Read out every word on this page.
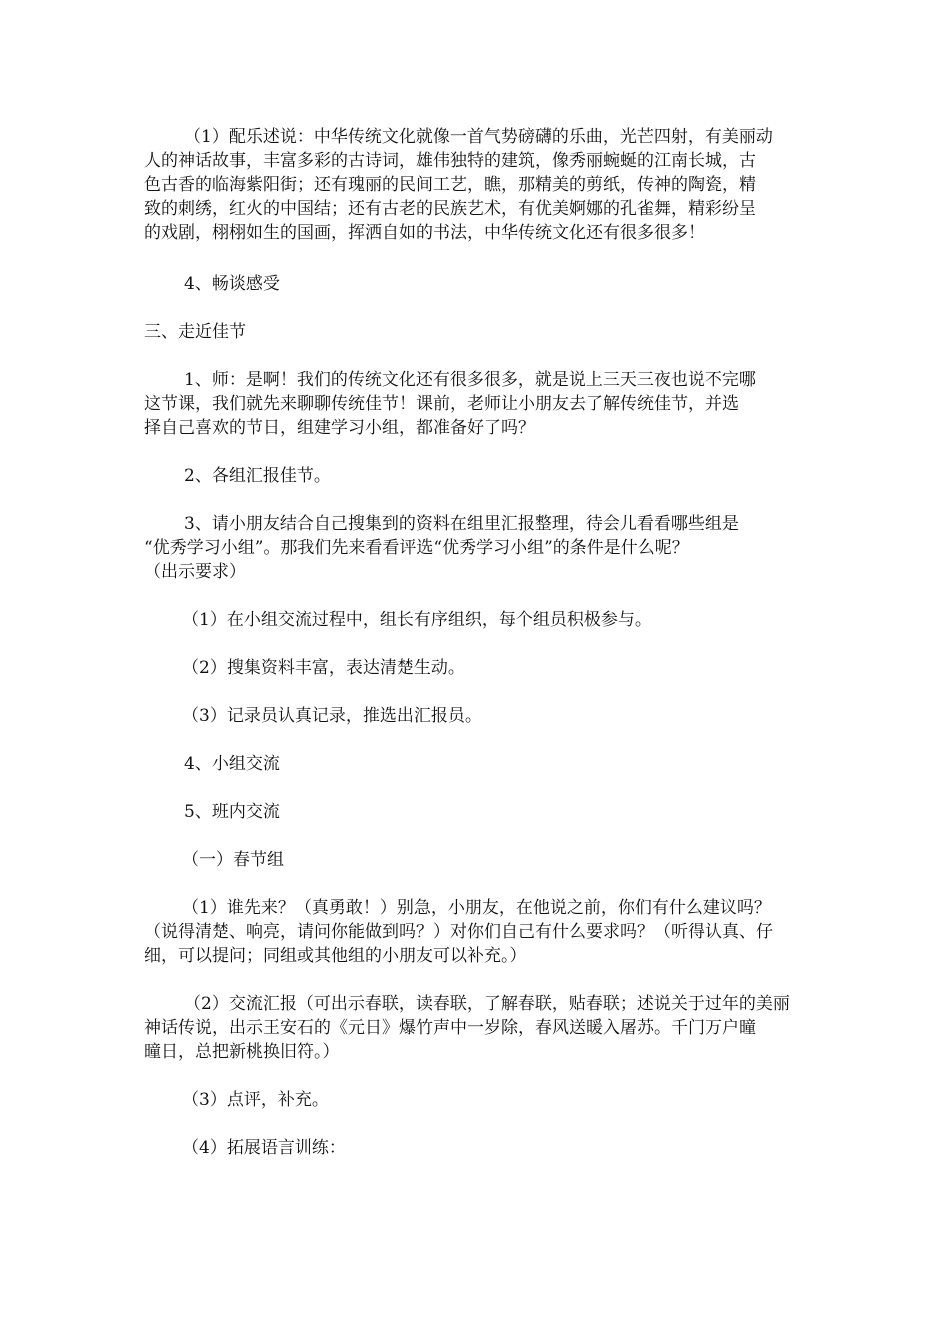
（1）配乐述说：中华传统文化就像一首气势磅礴的乐曲，光芒四射，有美丽动
人的神话故事，丰富多彩的古诗词，雄伟独特的建筑，像秀丽蜿蜒的江南长城，古
色古香的临海紫阳街；还有瑰丽的民间工艺，瞧，那精美的剪纸，传神的陶瓷，精
致的刺绣，红火的中国结；还有古老的民族艺术，有优美婀娜的孔雀舞，精彩纷呈
的戏剧，栩栩如生的国画，挥洒自如的书法，中华传统文化还有很多很多！
4、畅谈感受
三、走近佳节
1、师：是啊！我们的传统文化还有很多很多，就是说上三天三夜也说不完哪
这节课，我们就先来聊聊传统佳节！课前，老师让小朋友去了解传统佳节，并选
择自己喜欢的节日，组建学习小组，都准备好了吗？
2、各组汇报佳节。
3、请小朋友结合自己搜集到的资料在组里汇报整理，待会儿看看哪些组是
“优秀学习小组”。那我们先来看看评选“优秀学习小组”的条件是什么呢？
（出示要求）
（1）在小组交流过程中，组长有序组织，每个组员积极参与。
（2）搜集资料丰富，表达清楚生动。
（3）记录员认真记录，推选出汇报员。
4、小组交流
5、班内交流
（一）春节组
（1）谁先来？（真勇敢！）别急，小朋友，在他说之前，你们有什么建议吗？
（说得清楚、响亮，请问你能做到吗？）对你们自己有什么要求吗？（听得认真、仔
细，可以提问；同组或其他组的小朋友可以补充。）
（2）交流汇报（可出示春联，读春联，了解春联，贴春联；述说关于过年的美丽
神话传说，出示王安石的《元日》爆竹声中一岁除，春风送暖入屠苏。千门万户曈
曈日，总把新桃换旧符。）
（3）点评，补充。
（4）拓展语言训练：
